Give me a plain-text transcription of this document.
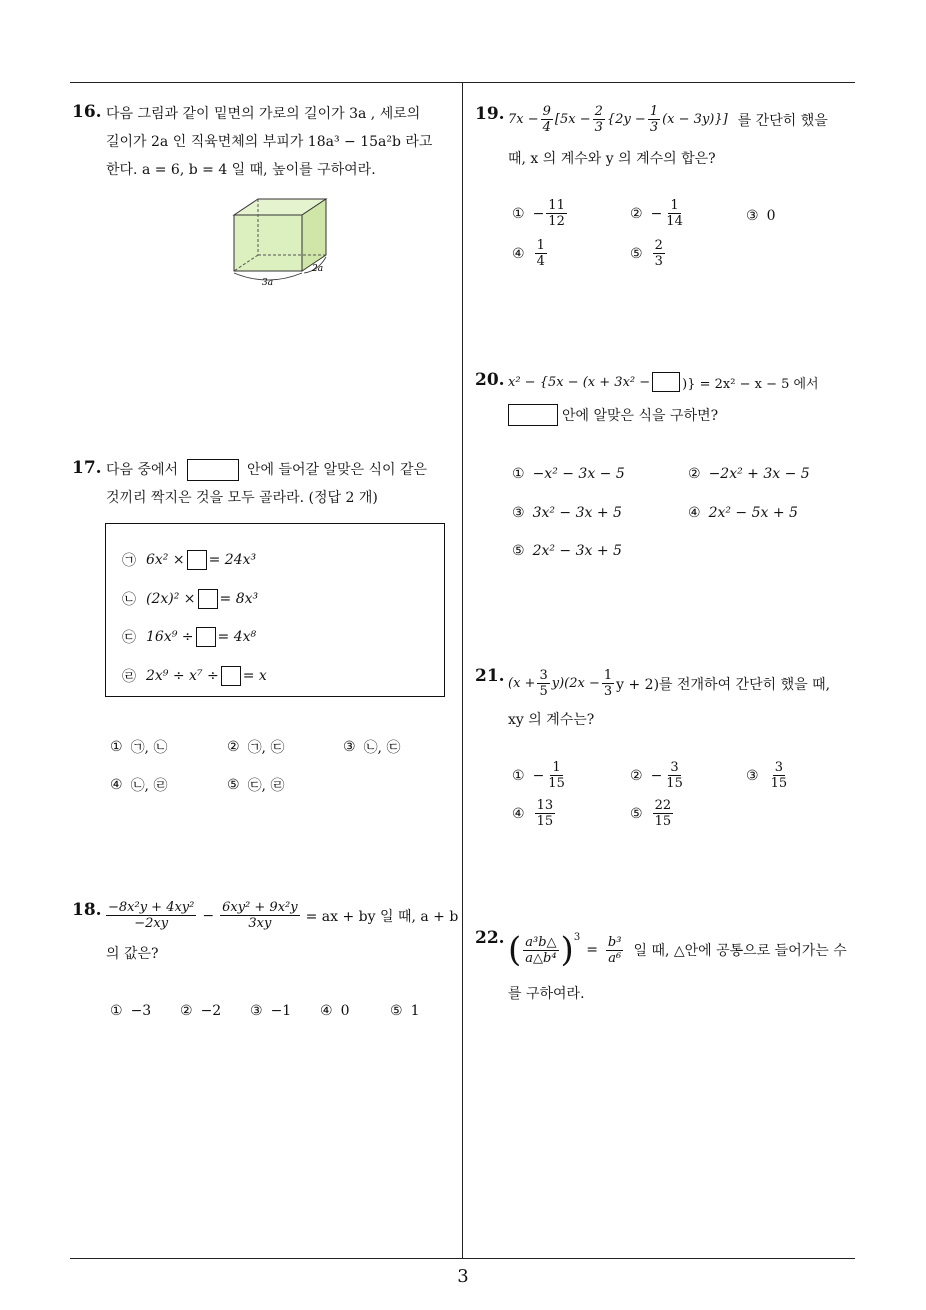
16. 다음 그림과 같이 밑면의 가로의 길이가 3a , 세로의
길이가 2a 인 직육면체의 부피가 18a³ − 15a²b 라고
한다. a = 6, b = 4 일 때, 높이를 구하여라.
3a
2a
17. 다음 중에서	안에 들어갈 알맞은 식이 같은
것끼리 짝지은 것을 모두 골라라. (정답 2 개)
㉠ 6x² × = 24x³
㉡ (2x)² × = 8x³
㉢ 16x⁹ ÷ = 4x⁸
㉣ 2x⁹ ÷ x⁷ ÷ = x
① ㉠, ㉡	② ㉠, ㉢	③ ㉡, ㉢
④ ㉡, ㉣	⑤ ㉢, ㉣
18. $\frac{\text{−8x²y + 4xy²}}{-2xy} - \frac{\text{6xy² + 9x²y}}{3xy}$ = ax + by 일 때, a + b
의 값은?
① −3 ② −2 ③ −1 ④ 0	⑤ 1
19. $7x - \frac{9}{4} [5x - \frac{2}{3} \{2y - \frac{1}{3} (x - 3y)\}]$ 를 간단히 했을
때, x 의 계수와 y 의 계수의 합은?
① − $\frac{11}{12}$	② − $\frac{1}{14}$	③ 0
④ $\frac{1}{4}$	⑤ $\frac{2}{3}$
20. x² − {5x − (x + 3x² − )} = 2x² − x − 5 에서
안에 알맞은 식을 구하면?
① −x² − 3x − 5	② −2x² + 3x − 5
③ 3x² − 3x + 5	④ 2x² − 5x + 5
⑤ 2x² − 3x + 5
21. $(x + \frac{3}{5} y)(2x - \frac{1}{3}$ y + 2)를 전개하여 간단히 했을 때,
xy 의 계수는?
① − $\frac{1}{15}$	② − $\frac{3}{15}$	③ $\frac{3}{15}$
④ $\frac{13}{15}$	⑤ $\frac{22}{15}$
22. ( $\frac{\text{a³b△}}{\text{a△b⁴}}$ ) 3
= $\frac{\text{b³}}{\text{a⁶}}$ 일 때, △안에 공통으로 들어가는 수
를 구하여라.
3
